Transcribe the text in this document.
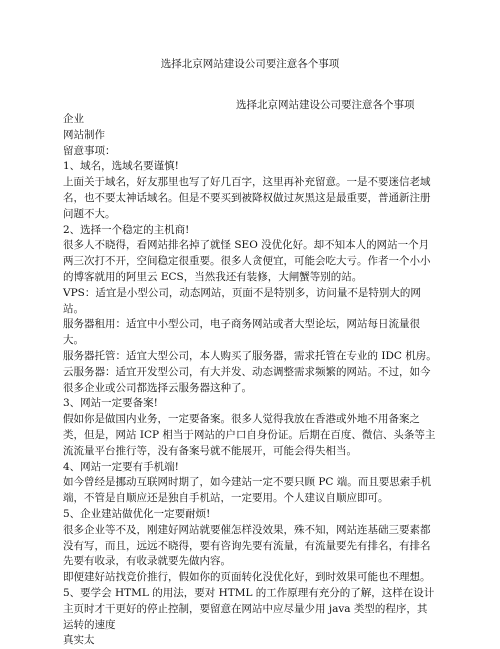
选择北京网站建设公司要注意各个事项
选择北京网站建设公司要注意各个事项

企业

网站制作

留意事项：

1、域名，选域名要谨慎!

上面关于域名，好友那里也写了好几百字，这里再补充留意。一是不要迷信老域名，也不要太神话域名。但是不要买到被降权做过灰黑这是最重要，普通新注册问题不大。

2、选择一个稳定的主机商!

很多人不晓得，看网站排名掉了就怪 SEO 没优化好。却不知本人的网站一个月两三次打不开，空间稳定很重要。很多人贪便宜，可能会吃大亏。作者一个小小的博客就用的阿里云 ECS，当然我还有装修，大闸蟹等别的站。

VPS：适宜是小型公司，动态网站，页面不是特别多，访问量不是特别大的网站。

服务器租用：适宜中小型公司，电子商务网站或者大型论坛，网站每日流量很大。

服务器托管：适宜大型公司，本人购买了服务器，需求托管在专业的 IDC 机房。

云服务器：适宜开发型公司，有大并发、动态调整需求频繁的网站。不过，如今很多企业或公司都选择云服务器这种了。

3、网站一定要备案!

假如你是做国内业务，一定要备案。很多人觉得我放在香港或外地不用备案之类，但是，网站 ICP 相当于网站的户口自身份证。后期在百度、微信、头条等主流流量平台推行等，没有备案号就不能展开，可能会得失相当。

4、网站一定要有手机端!

如今曾经是挪动互联网时期了，如今建站一定不要只顾 PC 端。而且要思索手机端，不管是自顺应还是独自手机站，一定要用。个人建议自顺应即可。

5、企业建站做优化一定要耐烦!

很多企业等不及，刚建好网站就要催怎样没效果，殊不知，网站连基础三要素都没有写，而且，远远不晓得，要有咨询先要有流量，有流量要先有排名，有排名先要有收录，有收录就要先做内容。

即便建好站找竞价推行，假如你的页面转化没优化好，到时效果可能也不理想。

5、要学会 HTML 的用法，要对 HTML 的工作原理有充分的了解，这样在设计主页时才干更好的停止控制，要留意在网站中应尽量少用 java 类型的程序，其运转的速度

真实太
